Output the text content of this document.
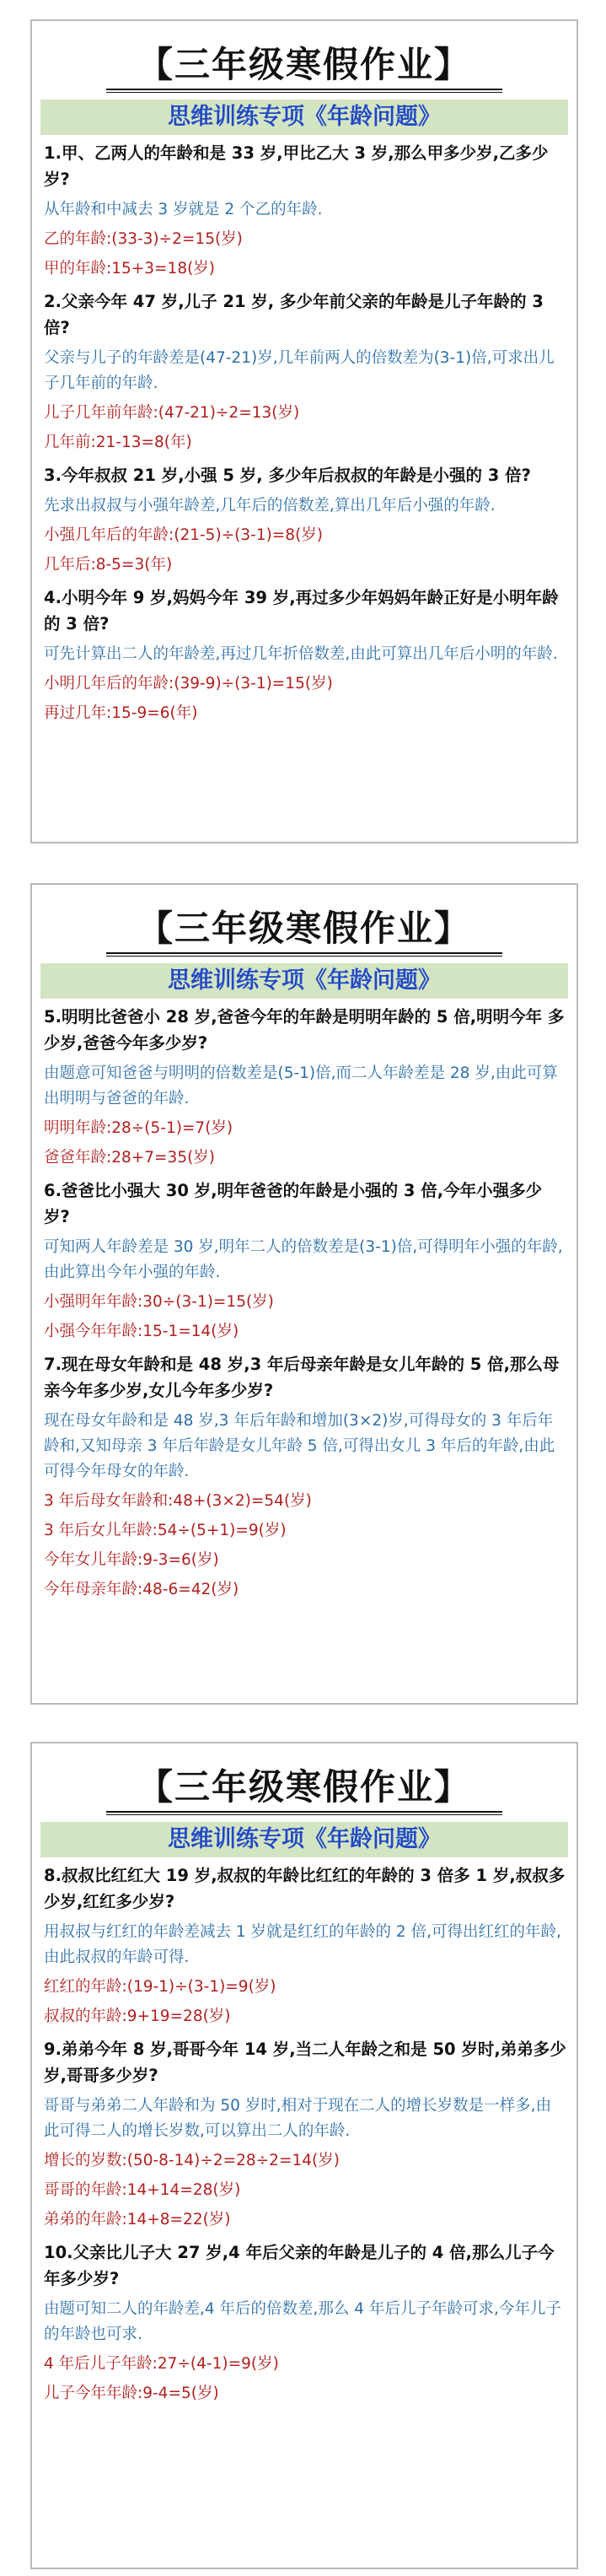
【三年级寒假作业】
思维训练专项《年龄问题》
1.甲、乙两人的年龄和是 33 岁,甲比乙大 3 岁,那么甲多少岁,乙多少岁?
从年龄和中减去 3 岁就是 2 个乙的年龄.
乙的年龄:(33-3)÷2=15(岁)
甲的年龄:15+3=18(岁)
2.父亲今年 47 岁,儿子 21 岁, 多少年前父亲的年龄是儿子年龄的 3 倍?
父亲与儿子的年龄差是(47-21)岁,几年前两人的倍数差为(3-1)倍,可求出儿子几年前的年龄.
儿子几年前年龄:(47-21)÷2=13(岁)
几年前:21-13=8(年)
3.今年叔叔 21 岁,小强 5 岁, 多少年后叔叔的年龄是小强的 3 倍?
先求出叔叔与小强年龄差,几年后的倍数差,算出几年后小强的年龄.
小强几年后的年龄:(21-5)÷(3-1)=8(岁)
几年后:8-5=3(年)
4.小明今年 9 岁,妈妈今年 39 岁,再过多少年妈妈年龄正好是小明年龄的 3 倍?
可先计算出二人的年龄差,再过几年折倍数差,由此可算出几年后小明的年龄.
小明几年后的年龄:(39-9)÷(3-1)=15(岁)
再过几年:15-9=6(年)
【三年级寒假作业】
思维训练专项《年龄问题》
5.明明比爸爸小 28 岁,爸爸今年的年龄是明明年龄的 5 倍,明明今年 多少岁,爸爸今年多少岁?
由题意可知爸爸与明明的倍数差是(5-1)倍,而二人年龄差是 28 岁,由此可算出明明与爸爸的年龄.
明明年龄:28÷(5-1)=7(岁)
爸爸年龄:28+7=35(岁)
6.爸爸比小强大 30 岁,明年爸爸的年龄是小强的 3 倍,今年小强多少岁?
可知两人年龄差是 30 岁,明年二人的倍数差是(3-1)倍,可得明年小强的年龄,由此算出今年小强的年龄.
小强明年年龄:30÷(3-1)=15(岁)
小强今年年龄:15-1=14(岁)
7.现在母女年龄和是 48 岁,3 年后母亲年龄是女儿年龄的 5 倍,那么母亲今年多少岁,女儿今年多少岁?
现在母女年龄和是 48 岁,3 年后年龄和增加(3×2)岁,可得母女的 3 年后年龄和,又知母亲 3 年后年龄是女儿年龄 5 倍,可得出女儿 3 年后的年龄,由此可得今年母女的年龄.
3 年后母女年龄和:48+(3×2)=54(岁)
3 年后女儿年龄:54÷(5+1)=9(岁)
今年女儿年龄:9-3=6(岁)
今年母亲年龄:48-6=42(岁)
【三年级寒假作业】
思维训练专项《年龄问题》
8.叔叔比红红大 19 岁,叔叔的年龄比红红的年龄的 3 倍多 1 岁,叔叔多少岁,红红多少岁?
用叔叔与红红的年龄差减去 1 岁就是红红的年龄的 2 倍,可得出红红的年龄,由此叔叔的年龄可得.
红红的年龄:(19-1)÷(3-1)=9(岁)
叔叔的年龄:9+19=28(岁)
9.弟弟今年 8 岁,哥哥今年 14 岁,当二人年龄之和是 50 岁时,弟弟多少岁,哥哥多少岁?
哥哥与弟弟二人年龄和为 50 岁时,相对于现在二人的增长岁数是一样多,由此可得二人的增长岁数,可以算出二人的年龄.
增长的岁数:(50-8-14)÷2=28÷2=14(岁)
哥哥的年龄:14+14=28(岁)
弟弟的年龄:14+8=22(岁)
10.父亲比儿子大 27 岁,4 年后父亲的年龄是儿子的 4 倍,那么儿子今年多少岁?
由题可知二人的年龄差,4 年后的倍数差,那么 4 年后儿子年龄可求,今年儿子的年龄也可求.
4 年后儿子年龄:27÷(4-1)=9(岁)
儿子今年年龄:9-4=5(岁)
